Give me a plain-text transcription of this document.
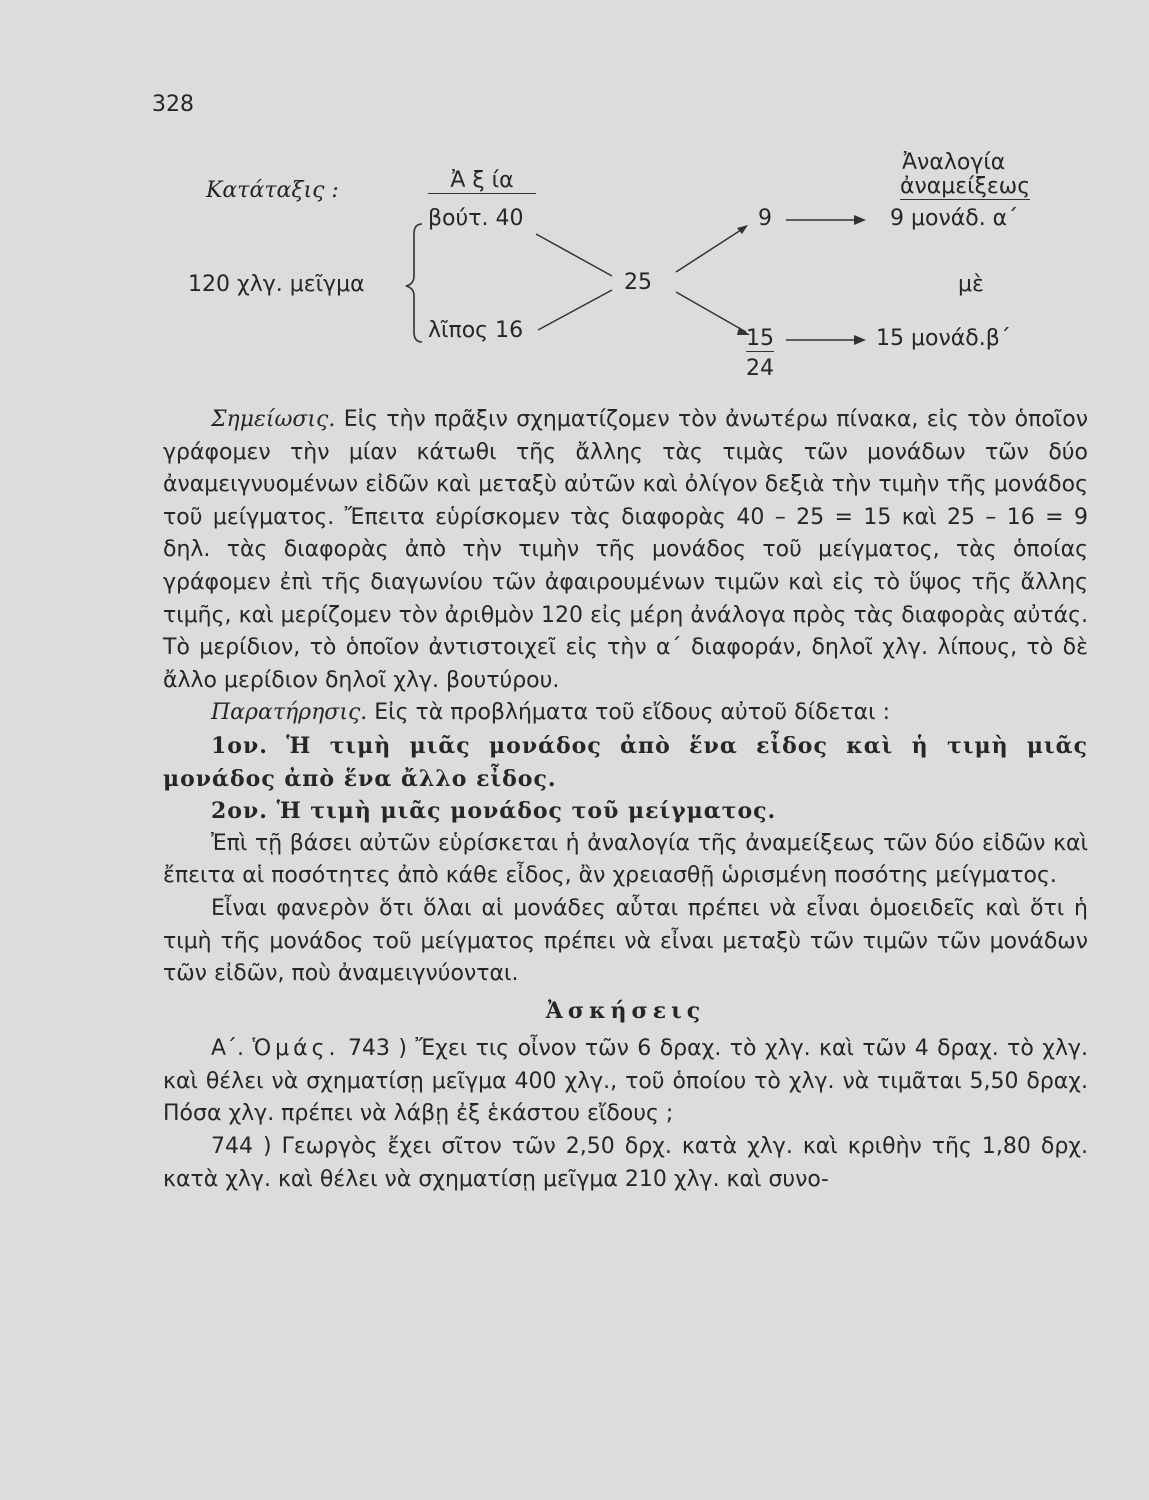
328
Κατάταξις :	Ἀ ξ ία
Ἀναλογία
ἀναμείξεως
120 χλγ. μεῖγμα
βούτ. 40
λῖπος 16
25
9
15
24
9 μονάδ. α΄
μὲ
15 μονάδ.β΄

Σημείωσις. Εἰς τὴν πρᾶξιν σχηματίζομεν τὸν ἀνωτέρω πίνακα, εἰς τὸν ὁποῖον γράφομεν τὴν μίαν κάτωθι τῆς ἄλλης τὰς τιμὰς τῶν μονάδων τῶν δύο ἀναμειγνυομένων εἰδῶν καὶ μεταξὺ αὐτῶν καὶ ὀλίγον δεξιὰ τὴν τιμὴν τῆς μονάδος τοῦ μείγματος. Ἔπειτα εὑρίσκομεν τὰς διαφορὰς 40 – 25 = 15 καὶ 25 – 16 = 9 δηλ. τὰς διαφορὰς ἀπὸ τὴν τιμὴν τῆς μονάδος τοῦ μείγματος, τὰς ὁποίας γράφομεν ἐπὶ τῆς διαγωνίου τῶν ἀφαιρουμένων τιμῶν καὶ εἰς τὸ ὕψος τῆς ἄλλης τιμῆς, καὶ μερίζομεν τὸν ἀριθμὸν 120 εἰς μέρη ἀνάλογα πρὸς τὰς διαφορὰς αὐτάς. Τὸ μερίδιον, τὸ ὁποῖον ἀντιστοιχεῖ εἰς τὴν α΄ διαφοράν, δηλοῖ χλγ. λίπους, τὸ δὲ ἄλλο μερίδιον δηλοῖ χλγ. βουτύρου.

Παρατήρησις. Εἰς τὰ προβλήματα τοῦ εἴδους αὐτοῦ δίδεται :

1ον. Ἡ τιμὴ μιᾶς μονάδος ἀπὸ ἕνα εἶδος καὶ ἡ τιμὴ μιᾶς μονάδος ἀπὸ ἕνα ἄλλο εἶδος.

2ον. Ἡ τιμὴ μιᾶς μονάδος τοῦ μείγματος.

Ἐπὶ τῇ βάσει αὐτῶν εὑρίσκεται ἡ ἀναλογία τῆς ἀναμείξεως τῶν δύο εἰδῶν καὶ ἔπειτα αἱ ποσότητες ἀπὸ κάθε εἶδος, ἂν χρειασθῇ ὡρισμένη ποσότης μείγματος.

Εἶναι φανερὸν ὅτι ὅλαι αἱ μονάδες αὗται πρέπει νὰ εἶναι ὁμοειδεῖς καὶ ὅτι ἡ τιμὴ τῆς μονάδος τοῦ μείγματος πρέπει νὰ εἶναι μεταξὺ τῶν τιμῶν τῶν μονάδων τῶν εἰδῶν, ποὺ ἀναμειγνύονται.

Ἀσκήσεις

Α΄. Ὁμάς. 743 ) Ἔχει τις οἶνον τῶν 6 δραχ. τὸ χλγ. καὶ τῶν 4 δραχ. τὸ χλγ. καὶ θέλει νὰ σχηματίσῃ μεῖγμα 400 χλγ., τοῦ ὁποίου τὸ χλγ. νὰ τιμᾶται 5,50 δραχ. Πόσα χλγ. πρέπει νὰ λάβῃ ἐξ ἑκάστου εἴδους ;

744 ) Γεωργὸς ἔχει σῖτον τῶν 2,50 δρχ. κατὰ χλγ. καὶ κριθὴν τῆς 1,80 δρχ. κατὰ χλγ. καὶ θέλει νὰ σχηματίσῃ μεῖγμα 210 χλγ. καὶ συνο-
